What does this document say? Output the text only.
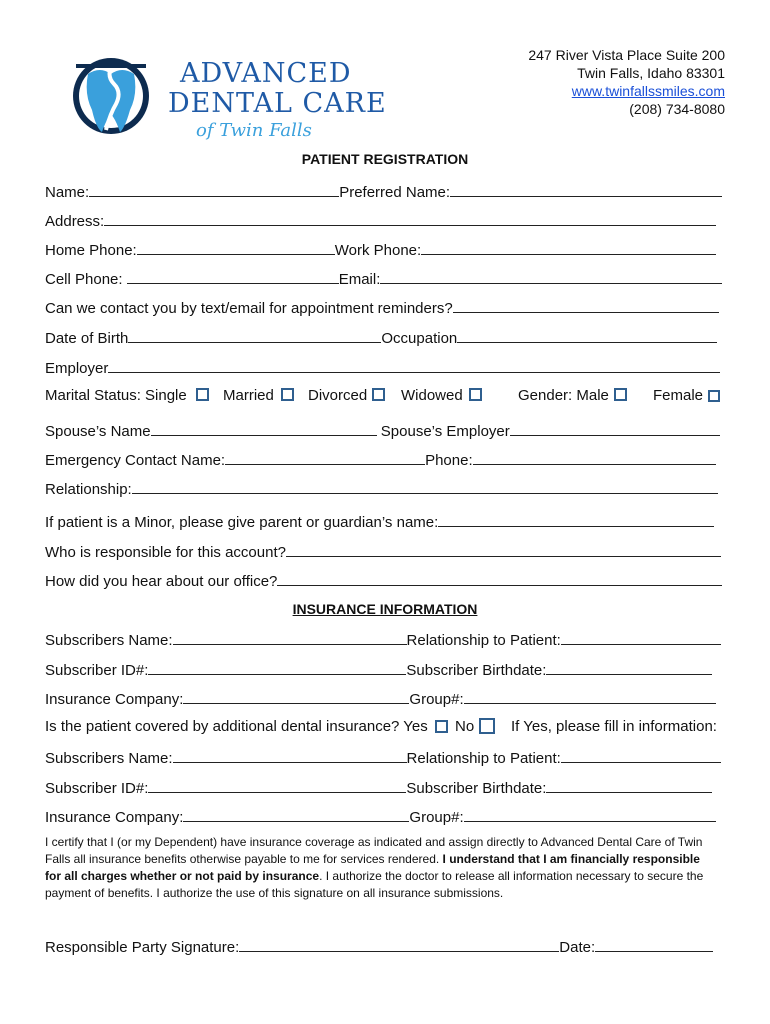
ADVANCED
DENTAL CARE
of Twin Falls
247 River Vista Place Suite 200
Twin Falls, Idaho 83301
www.twinfallssmiles.com
(208) 734-8080
PATIENT REGISTRATION
Name:	Preferred Name:
Address:
Home Phone:	Work Phone:
Cell Phone:	Email:
Can we contact you by text/email for appointment reminders?
Date of Birth	Occupation
Employer
Marital Status: Single Married Divorced Widowed	Gender: Male	Female
Spouse’s Name	Spouse’s Employer
Emergency Contact Name:	Phone:
Relationship:
If patient is a Minor, please give parent or guardian’s name:
Who is responsible for this account?
How did you hear about our office?
INSURANCE INFORMATION
Subscribers Name:	Relationship to Patient:
Subscriber ID#:	Subscriber Birthdate:
Insurance Company:	Group#:
Is the patient covered by additional dental insurance? Yes No If Yes, please fill in information:
Subscribers Name:	Relationship to Patient:
Subscriber ID#:	Subscriber Birthdate:
Insurance Company:	Group#:
I certify that I (or my Dependent) have insurance coverage as indicated and assign directly to Advanced Dental Care of Twin Falls all insurance benefits otherwise payable to me for services rendered. I understand that I am financially responsible for all charges whether or not paid by insurance. I authorize the doctor to release all information necessary to secure the payment of benefits. I authorize the use of this signature on all insurance submissions.
Responsible Party Signature:	Date:
